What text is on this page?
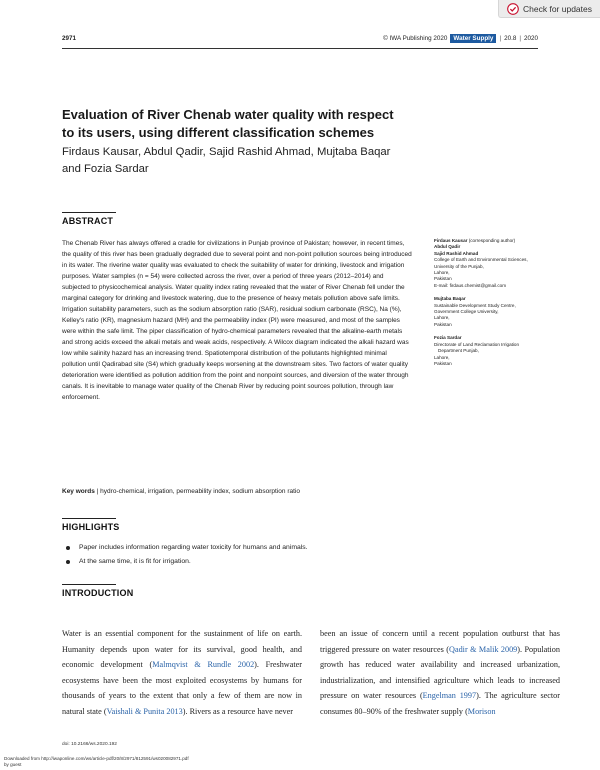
Check for updates
2971	© IWA Publishing 2020 Water Supply | 20.8 | 2020
Evaluation of River Chenab water quality with respect
to its users, using different classification schemes
Firdaus Kausar, Abdul Qadir, Sajid Rashid Ahmad, Mujtaba Baqar
and Fozia Sardar
ABSTRACT

The Chenab River has always offered a cradle for civilizations in Punjab province of Pakistan; however, in recent times, the quality of this river has been gradually degraded due to several point and non-point pollution sources being introduced in its water. The riverine water quality was evaluated to check the suitability of water for drinking, livestock and irrigation purposes. Water samples (n = 54) were collected across the river, over a period of three years (2012–2014) and subjected to physicochemical analysis. Water quality index rating revealed that the water of River Chenab fell under the marginal category for drinking and livestock watering, due to the presence of heavy metals pollution above safe limits. Irrigation suitability parameters, such as the sodium absorption ratio (SAR), residual sodium carbonate (RSC), Na (%), Kelley's ratio (KR), magnesium hazard (MH) and the permeability index (PI) were measured, and most of the samples were within the safe limit. The piper classification of hydro-chemical parameters revealed that the alkaline-earth metals and strong acids exceed the alkali metals and weak acids, respectively. A Wilcox diagram indicated the alkali hazard was low while salinity hazard has an increasing trend. Spatiotemporal distribution of the pollutants highlighted minimal pollution until Qadirabad site (S4) which gradually keeps worsening at the downstream sites. Two factors of water quality deterioration were identified as pollution addition from the point and nonpoint sources, and diversion of the water through canals. It is inevitable to manage water quality of the Chenab River by reducing point sources pollution, through law enforcement.

Key words | hydro-chemical, irrigation, permeability index, sodium absorption ratio
Firdaus Kausar (corresponding author)
Abdul Qadir
Sajid Rashid Ahmad
College of Earth and Environmental Sciences,
University of the Punjab,
Lahore,
Pakistan
E-mail: firdaus.chemist@gmail.com
Mujtaba Baqar
Sustainable Development Study Centre,
Government College University,
Lahore,
Pakistan
Fozia Sardar
Directorate of Land Reclamation Irrigation
Department Punjab,
Lahore,
Pakistan
HIGHLIGHTS
Paper includes information regarding water toxicity for humans and animals.
At the same time, it is fit for irrigation.
INTRODUCTION

Water is an essential component for the sustainment of life on earth. Humanity depends upon water for its survival, good health, and economic development (Malmqvist & Rundle 2002). Freshwater ecosystems have been the most exploited ecosystems by humans for thousands of years to the extent that only a few of them are now in natural state (Vaishali & Punita 2013). Rivers as a resource have never

been an issue of concern until a recent population outburst that has triggered pressure on water resources (Qadir & Malik 2009). Population growth has reduced water availability and increased urbanization, industrialization, and intensified agriculture which leads to increased pressure on water resources (Engelman 1997). The agriculture sector consumes 80–90% of the freshwater supply (Morison

doi: 10.2166/ws.2020.192
Downloaded from http://iwaponline.com/ws/article-pdf/20/8/2971/812591/ws020082971.pdf
by guest
